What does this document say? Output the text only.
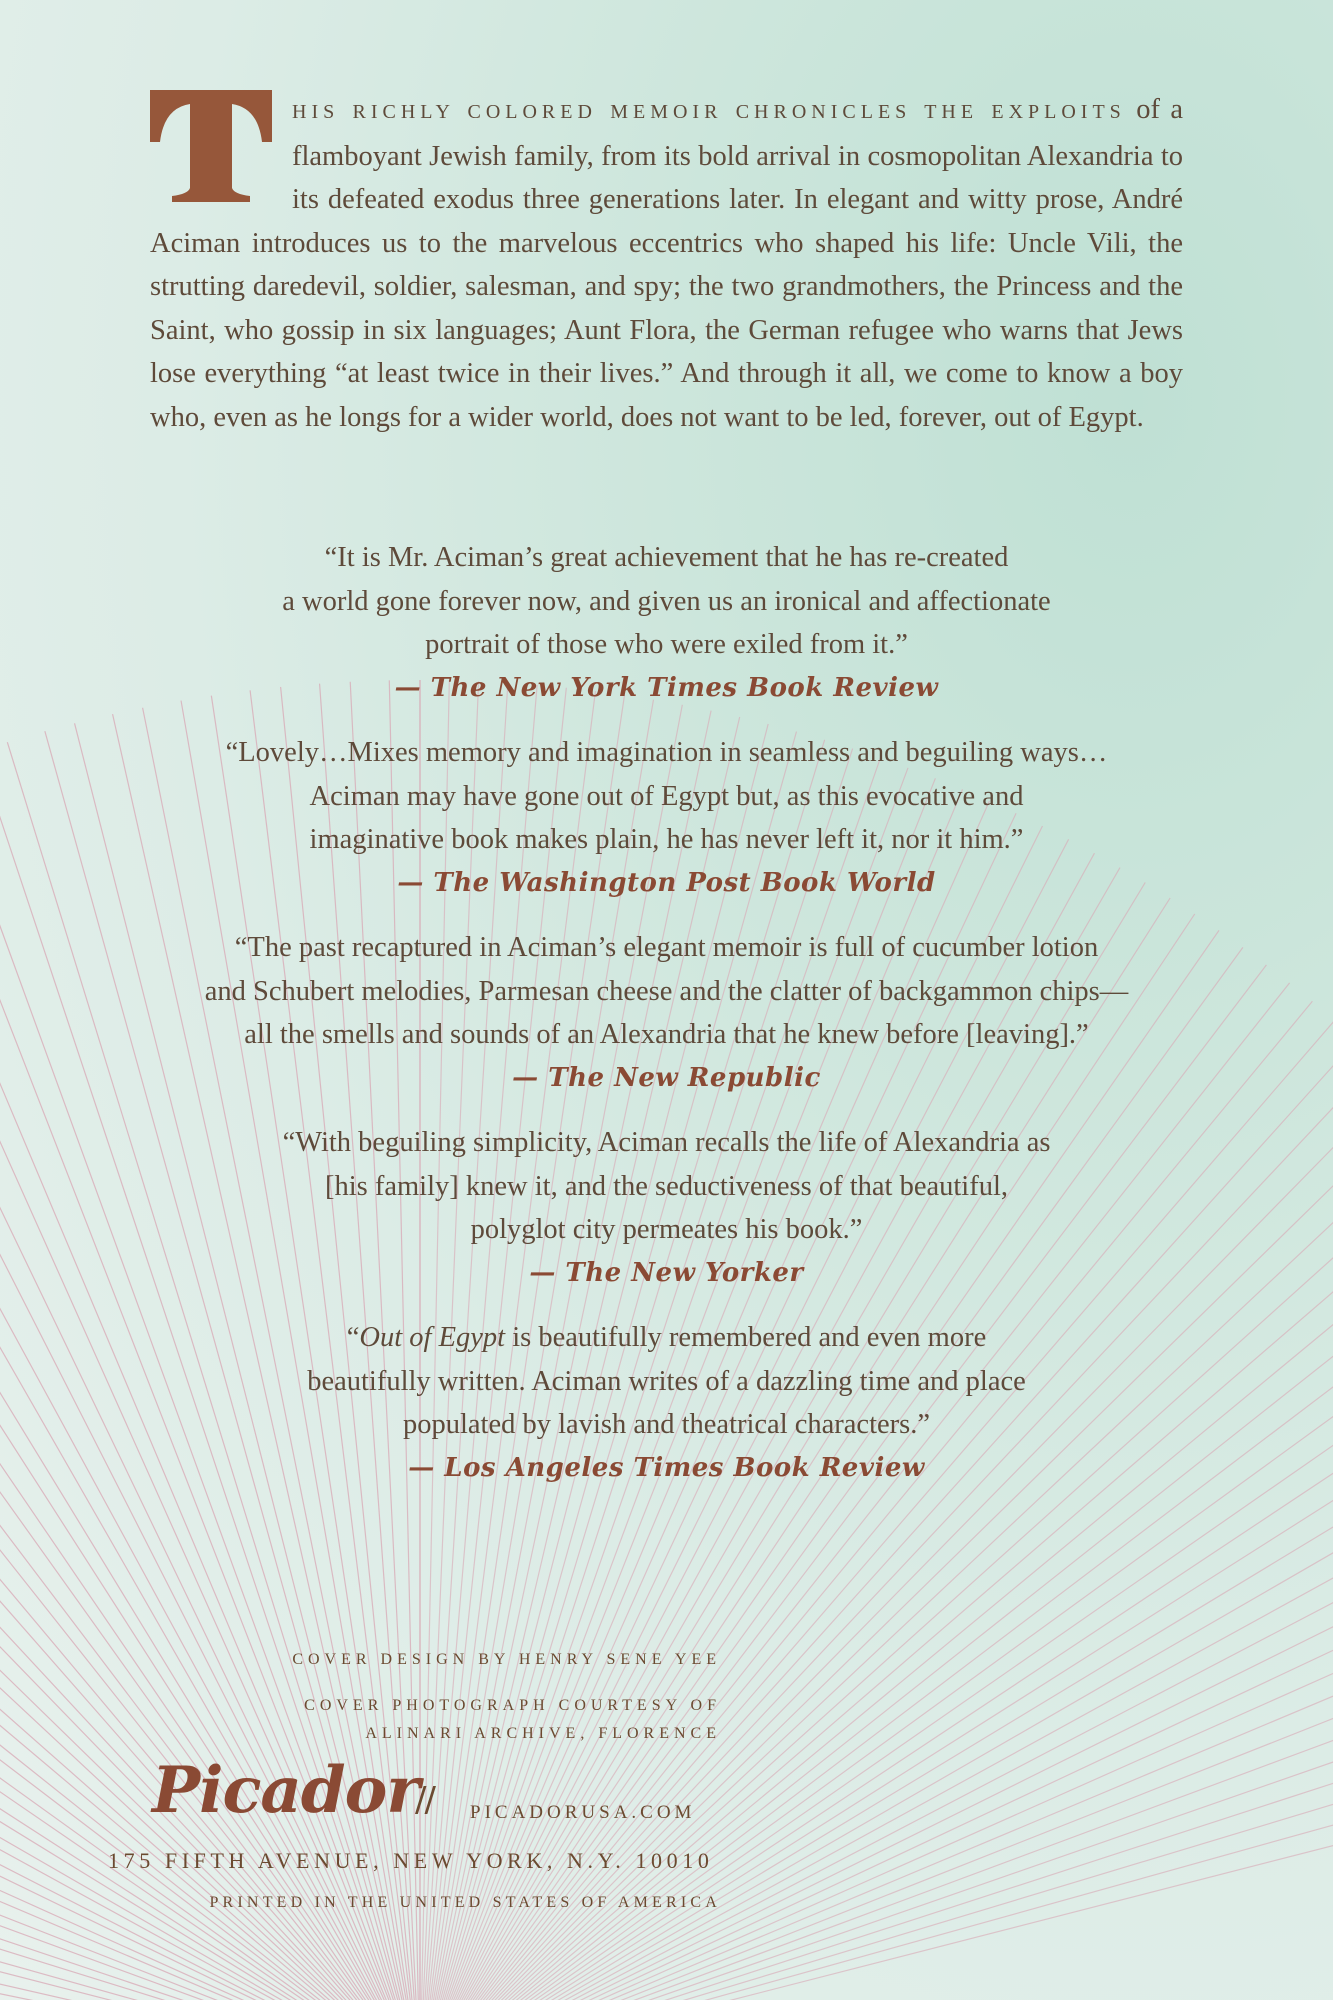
HIS RICHLY COLORED MEMOIR CHRONICLES THE EXPLOITS of a flamboyant Jewish family, from its bold arrival in cosmopolitan Alexandria to its defeated exodus three generations later. In elegant and witty prose, André Aciman introduces us to the marvelous eccentrics who shaped his life: Uncle Vili, the strutting daredevil, soldier, salesman, and spy; the two grandmothers, the Princess and the Saint, who gossip in six languages; Aunt Flora, the German refugee who warns that Jews lose everything “at least twice in their lives.” And through it all, we come to know a boy who, even as he longs for a wider world, does not want to be led, forever, out of Egypt.
“It is Mr. Aciman’s great achievement that he has re-created
a world gone forever now, and given us an ironical and affectionate
portrait of those who were exiled from it.”
— The New York Times Book Review
“Lovely…Mixes memory and imagination in seamless and beguiling ways…
Aciman may have gone out of Egypt but, as this evocative and
imaginative book makes plain, he has never left it, nor it him.”
— The Washington Post Book World
“The past recaptured in Aciman’s elegant memoir is full of cucumber lotion
and Schubert melodies, Parmesan cheese and the clatter of backgammon chips—
all the smells and sounds of an Alexandria that he knew before [leaving].”
— The New Republic
“With beguiling simplicity, Aciman recalls the life of Alexandria as
[his family] knew it, and the seductiveness of that beautiful,
polyglot city permeates his book.”
— The New Yorker
“Out of Egypt is beautifully remembered and even more
beautifully written. Aciman writes of a dazzling time and place
populated by lavish and theatrical characters.”
— Los Angeles Times Book Review
COVER DESIGN BY HENRY SENE YEE
COVER PHOTOGRAPH COURTESY OF
ALINARI ARCHIVE, FLORENCE
Picador
// PICADORUSA.COM
175 FIFTH AVENUE, NEW YORK, N.Y. 10010
PRINTED IN THE UNITED STATES OF AMERICA
